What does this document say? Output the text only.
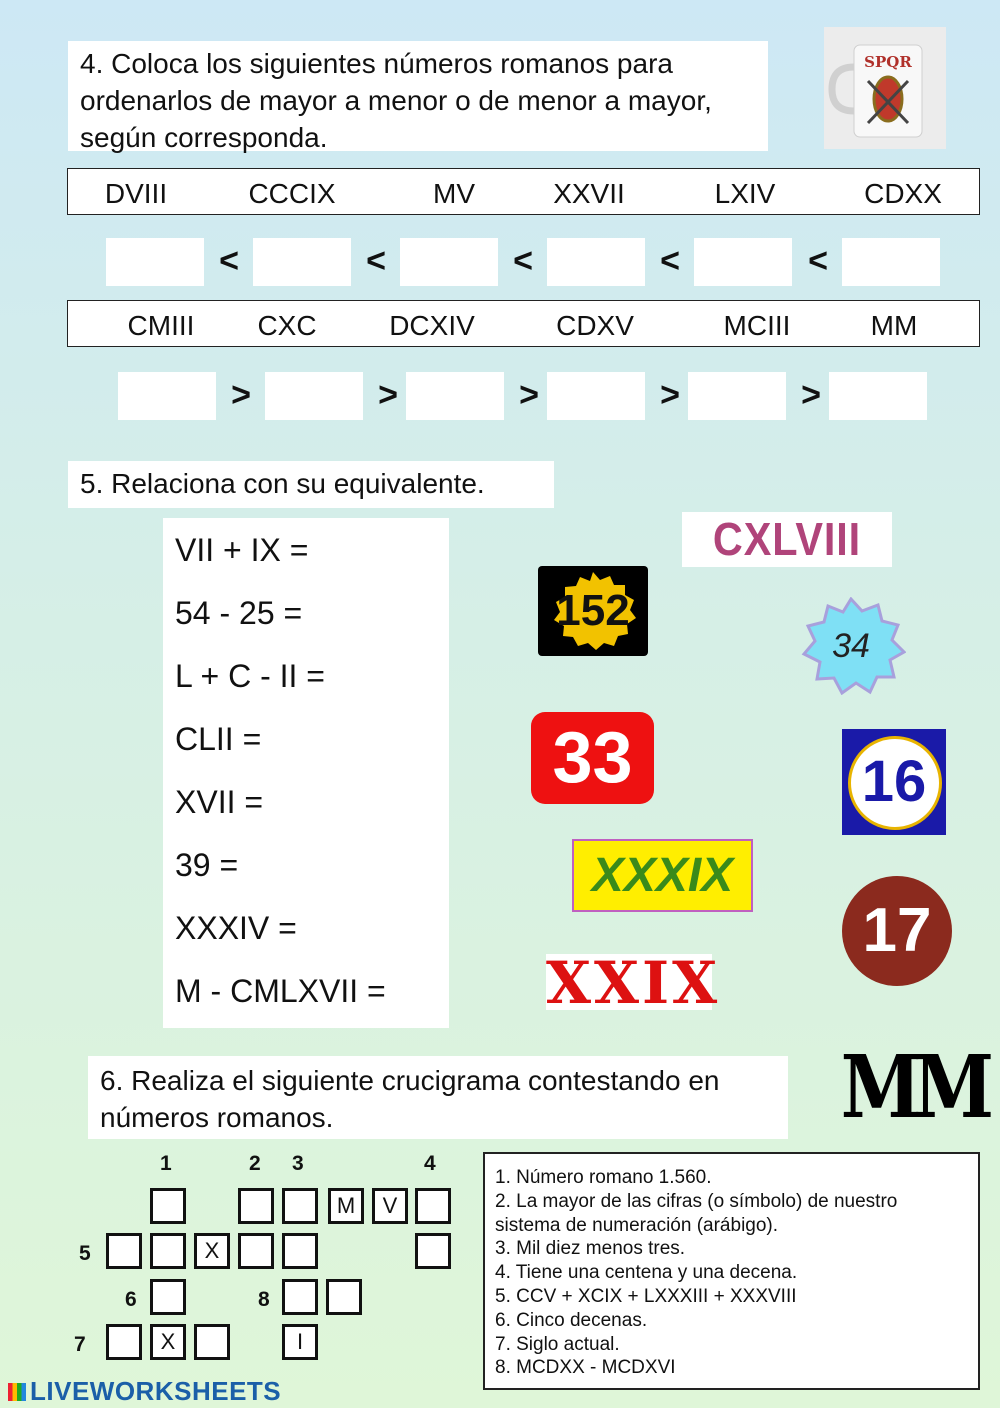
4. Coloca los siguientes números romanos para ordenarlos de mayor a menor o de menor a mayor, según corresponda.
SPQR
DVIII	CCCIX	MV	XXVII	LXIV	CDXX
<	<	<	<	<
CMIII CXC	DCXIV	CDXV	MCIII	MM
>	>	>	>	>
5. Relaciona con su equivalente.
VII + IX =
54 - 25 =
L + C - II =
CLII =
XVII =
39 =
XXXIV =
M - CMLXVII =
CXLVIII
152
34
33	16
XXXIX
17
XXIX
MM
6. Realiza el siguiente crucigrama contestando en números romanos.
1	2 3	4
5
6
7
8
M	V
X
X	I

1. Número romano 1.560.

2. La mayor de las cifras (o símbolo) de nuestro sistema de numeración (arábigo).

3. Mil diez menos tres.

4. Tiene una centena y una decena.

5. CCV + XCIX + LXXXIII + XXXVIII

6. Cinco decenas.

7. Siglo actual.

8. MCDXX - MCDXVI

LIVEWORKSHEETS
